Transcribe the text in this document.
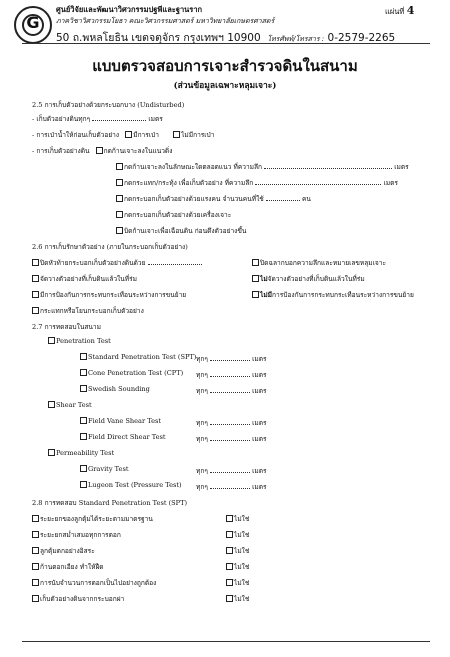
G
ศูนย์วิจัยและพัฒนาวิศวกรรมปฐพีและฐานราก
ภาควิชาวิศวกรรมโยธา คณะวิศวกรรมศาสตร์ มหาวิทยาลัยเกษตรศาสตร์
50 ถ.พหลโยธิน เขตจตุจักร กรุงเทพฯ 10900 โทรศัพท์/โทรสาร : 0-2579-2265
แผ่นที่ 4
แบบตรวจสอบการเจาะสำรวจดินในสนาม
(ส่วนข้อมูลเฉพาะหลุมเจาะ)
2.5 การเก็บตัวอย่างด้วยกระบอกบาง (Undisturbed)
- เก็บตัวอย่างดินทุกๆ	เมตร
- การเป่าน้ำให้ก่อนเก็บตัวอย่าง มีการเป่า	ไม่มีการเป่า
- การเก็บตัวอย่างดิน กดก้านเจาะลงในแนวดิ่ง
กดก้านเจาะลงในลักษณะใดตลอดแนว ที่ความลึก	เมตร
กดกระแทก/กระทุ้ง เพื่อเก็บตัวอย่าง ที่ความลึก	เมตร
กดกระบอกเก็บตัวอย่างด้วยแรงคน จำนวนคนที่ใช้	คน
กดกระบอกเก็บตัวอย่างด้วยเครื่องเจาะ
บิดก้านเจาะเพื่อเฉือนดิน ก่อนดึงตัวอย่างขึ้น
2.6 การเก็บรักษาตัวอย่าง (ภายในกระบอกเก็บตัวอย่าง)
ปิดหัวท้ายกระบอกเก็บตัวอย่างดินด้วย	ปิดฉลากบอกความลึกและหมายเลขหลุมเจาะ
จัดวางตัวอย่างที่เก็บดินแล้วในที่ร่ม	ไม่จัดวางตัวอย่างที่เก็บดินแล้วในที่ร่ม
มีการป้องกันการกระทบกระเทือนระหว่างการขนย้าย	ไม่มีการป้องกันการกระทบกระเทือนระหว่างการขนย้าย
กระแทกหรือโยนกระบอกเก็บตัวอย่าง
2.7 การทดสอบในสนาม
Penetration Test
Standard Penetration Test (SPT) ทุกๆ	เมตร
Cone Penetration Test (CPT) ทุกๆ	เมตร
Swedish Sounding	ทุกๆ	เมตร
Shear Test
Field Vane Shear Test	ทุกๆ	เมตร
Field Direct Shear Test	ทุกๆ	เมตร
Permeability Test
Gravity Test	ทุกๆ	เมตร
Lugeon Test (Pressure Test) ทุกๆ	เมตร
2.8 การทดสอบ Standard Penetration Test (SPT)
ระยะยกของลูกตุ้มได้ระยะตามมาตรฐาน	ไม่ใช่
ระยะยกสม่ำเสมอทุกการตอก	ไม่ใช่
ลูกตุ้มตกอย่างอิสระ	ไม่ใช่
ก้านตอกเอียง ทำให้ฝืด	ไม่ใช่
การนับจำนวนการตอกเป็นไปอย่างถูกต้อง	ไม่ใช่
เก็บตัวอย่างดินจากกระบอกผ่า	ไม่ใช่
